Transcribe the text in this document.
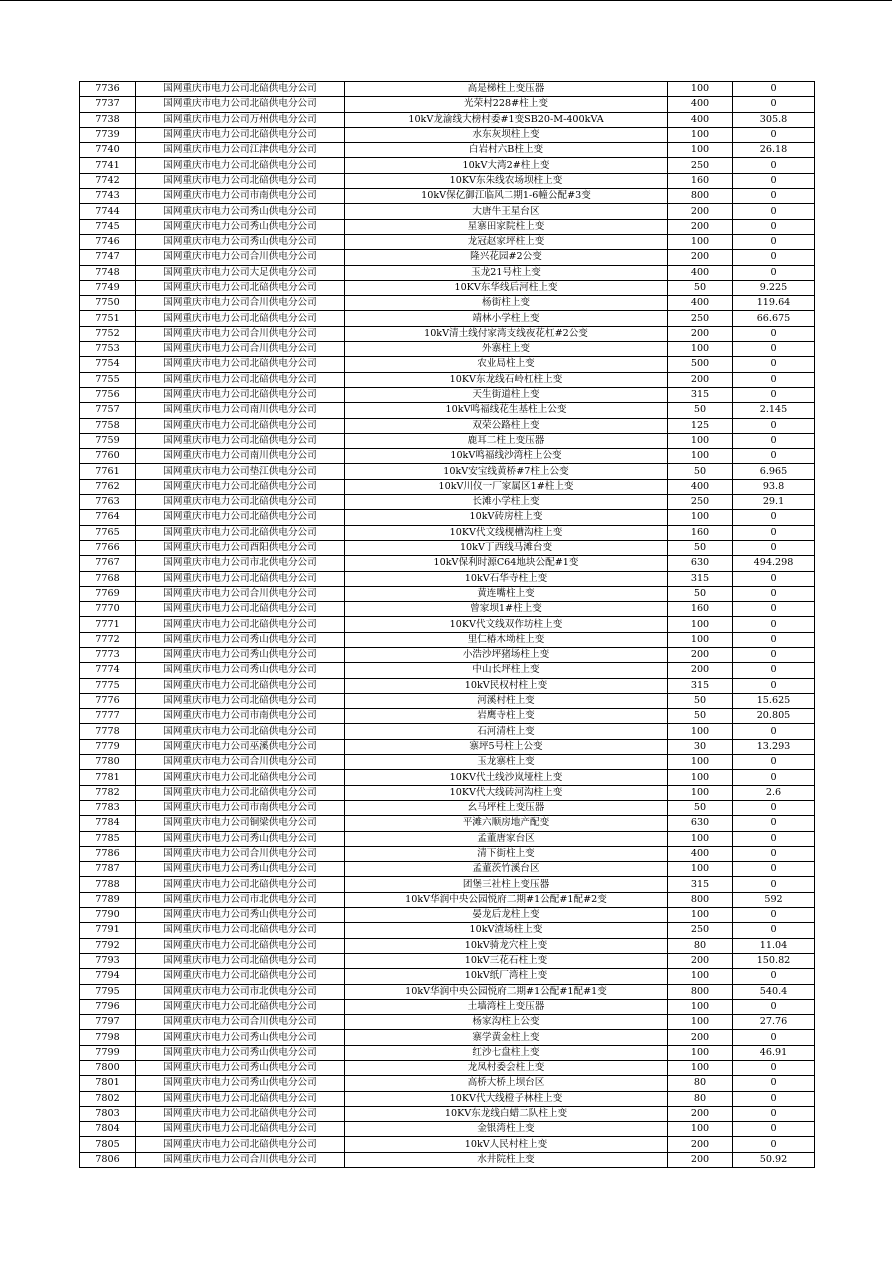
7736	国网重庆市电力公司北碚供电分公司	高是梯柱上变压器	100	0
7737	国网重庆市电力公司北碚供电分公司	光荣村228#柱上变	400	0
7738	国网重庆市电力公司万州供电分公司	10kV龙渝线大榜村委#1变SB20-M-400kVA	400	305.8
7739	国网重庆市电力公司北碚供电分公司	水东灰坝柱上变	100	0
7740	国网重庆市电力公司江津供电分公司	白岩村六B柱上变	100	26.18
7741	国网重庆市电力公司北碚供电分公司	10kV大湾2#柱上变	250	0
7742	国网重庆市电力公司北碚供电分公司	10KV东朱线农场坝柱上变	160	0
7743	国网重庆市电力公司市南供电分公司	10kV保亿御江临风二期1-6幢公配#3变	800	0
7744	国网重庆市电力公司秀山供电分公司	大唐牛王星台区	200	0
7745	国网重庆市电力公司秀山供电分公司	星寨田家院柱上变	200	0
7746	国网重庆市电力公司秀山供电分公司	龙冠赵家坪柱上变	100	0
7747	国网重庆市电力公司合川供电分公司	隆兴花园#2公变	200	0
7748	国网重庆市电力公司大足供电分公司	玉龙21号柱上变	400	0
7749	国网重庆市电力公司北碚供电分公司	10KV东华线后河柱上变	50	9.225
7750	国网重庆市电力公司合川供电分公司	杨街柱上变	400	119.64
7751	国网重庆市电力公司北碚供电分公司	靖林小学柱上变	250	66.675
7752	国网重庆市电力公司合川供电分公司	10kV清土线付家湾支线夜花杠#2公变	200	0
7753	国网重庆市电力公司合川供电分公司	外寨柱上变	100	0
7754	国网重庆市电力公司北碚供电分公司	农业局柱上变	500	0
7755	国网重庆市电力公司北碚供电分公司	10KV东龙线石岭杠柱上变	200	0
7756	国网重庆市电力公司北碚供电分公司	天生街道柱上变	315	0
7757	国网重庆市电力公司南川供电分公司	10kV鸣福线花生基柱上公变	50	2.145
7758	国网重庆市电力公司北碚供电分公司	双荣公路柱上变	125	0
7759	国网重庆市电力公司北碚供电分公司	鹿耳二柱上变压器	100	0
7760	国网重庆市电力公司南川供电分公司	10kV鸣福线沙湾柱上公变	100	0
7761	国网重庆市电力公司垫江供电分公司	10kV安宝线黄桥#7柱上公变	50	6.965
7762	国网重庆市电力公司北碚供电分公司	10kV川仪一厂家属区1#柱上变	400	93.8
7763	国网重庆市电力公司北碚供电分公司	长滩小学柱上变	250	29.1
7764	国网重庆市电力公司北碚供电分公司	10kV砖房柱上变	100	0
7765	国网重庆市电力公司北碚供电分公司	10KV代文线枧槽沟柱上变	160	0
7766	国网重庆市电力公司酉阳供电分公司	10kV丁西线马滩台变	50	0
7767	国网重庆市电力公司市北供电分公司	10kV保利时源C64地块公配#1变	630	494.298
7768	国网重庆市电力公司北碚供电分公司	10kV石华寺柱上变	315	0
7769	国网重庆市电力公司合川供电分公司	黄连嘴柱上变	50	0
7770	国网重庆市电力公司北碚供电分公司	曾家坝1#柱上变	160	0
7771	国网重庆市电力公司北碚供电分公司	10KV代文线双作坊柱上变	100	0
7772	国网重庆市电力公司秀山供电分公司	里仁椿木坳柱上变	100	0
7773	国网重庆市电力公司秀山供电分公司	小浩沙坪猪场柱上变	200	0
7774	国网重庆市电力公司秀山供电分公司	中山长坪柱上变	200	0
7775	国网重庆市电力公司北碚供电分公司	10kV民权村柱上变	315	0
7776	国网重庆市电力公司北碚供电分公司	河溪村柱上变	50	15.625
7777	国网重庆市电力公司市南供电分公司	岩鹰寺柱上变	50	20.805
7778	国网重庆市电力公司北碚供电分公司	石河清柱上变	100	0
7779	国网重庆市电力公司巫溪供电分公司	寨坪5号柱上公变	30	13.293
7780	国网重庆市电力公司合川供电分公司	玉龙寨柱上变	100	0
7781	国网重庆市电力公司北碚供电分公司	10KV代土线沙岚垭柱上变	100	0
7782	国网重庆市电力公司北碚供电分公司	10KV代大线砖河沟柱上变	100	2.6
7783	国网重庆市电力公司市南供电分公司	幺马坪柱上变压器	50	0
7784	国网重庆市电力公司铜梁供电分公司	平滩六顺房地产配变	630	0
7785	国网重庆市电力公司秀山供电分公司	孟董唐家台区	100	0
7786	国网重庆市电力公司合川供电分公司	清下街柱上变	400	0
7787	国网重庆市电力公司秀山供电分公司	孟董茨竹溪台区	100	0
7788	国网重庆市电力公司北碚供电分公司	团堡三社柱上变压器	315	0
7789	国网重庆市电力公司市北供电分公司	10kV华润中央公园悦府二期#1公配#1配#2变	800	592
7790	国网重庆市电力公司秀山供电分公司	晏龙后龙柱上变	100	0
7791	国网重庆市电力公司北碚供电分公司	10kV渣场柱上变	250	0
7792	国网重庆市电力公司北碚供电分公司	10kV骑龙穴柱上变	80	11.04
7793	国网重庆市电力公司北碚供电分公司	10kV三花石柱上变	200	150.82
7794	国网重庆市电力公司北碚供电分公司	10kV纸厂湾柱上变	100	0
7795	国网重庆市电力公司市北供电分公司	10kV华润中央公园悦府二期#1公配#1配#1变	800	540.4
7796	国网重庆市电力公司北碚供电分公司	土墙湾柱上变压器	100	0
7797	国网重庆市电力公司合川供电分公司	杨家沟柱上公变	100	27.76
7798	国网重庆市电力公司秀山供电分公司	寨学黄金柱上变	200	0
7799	国网重庆市电力公司秀山供电分公司	红沙七盘柱上变	100	46.91
7800	国网重庆市电力公司秀山供电分公司	龙凤村委会柱上变	100	0
7801	国网重庆市电力公司秀山供电分公司	高桥大桥上坝台区	80	0
7802	国网重庆市电力公司北碚供电分公司	10KV代大线橙子林柱上变	80	0
7803	国网重庆市电力公司北碚供电分公司	10KV东龙线白蜡二队柱上变	200	0
7804	国网重庆市电力公司北碚供电分公司	金银湾柱上变	100	0
7805	国网重庆市电力公司北碚供电分公司	10kV人民村柱上变	200	0
7806	国网重庆市电力公司合川供电分公司	水井院柱上变	200	50.92
